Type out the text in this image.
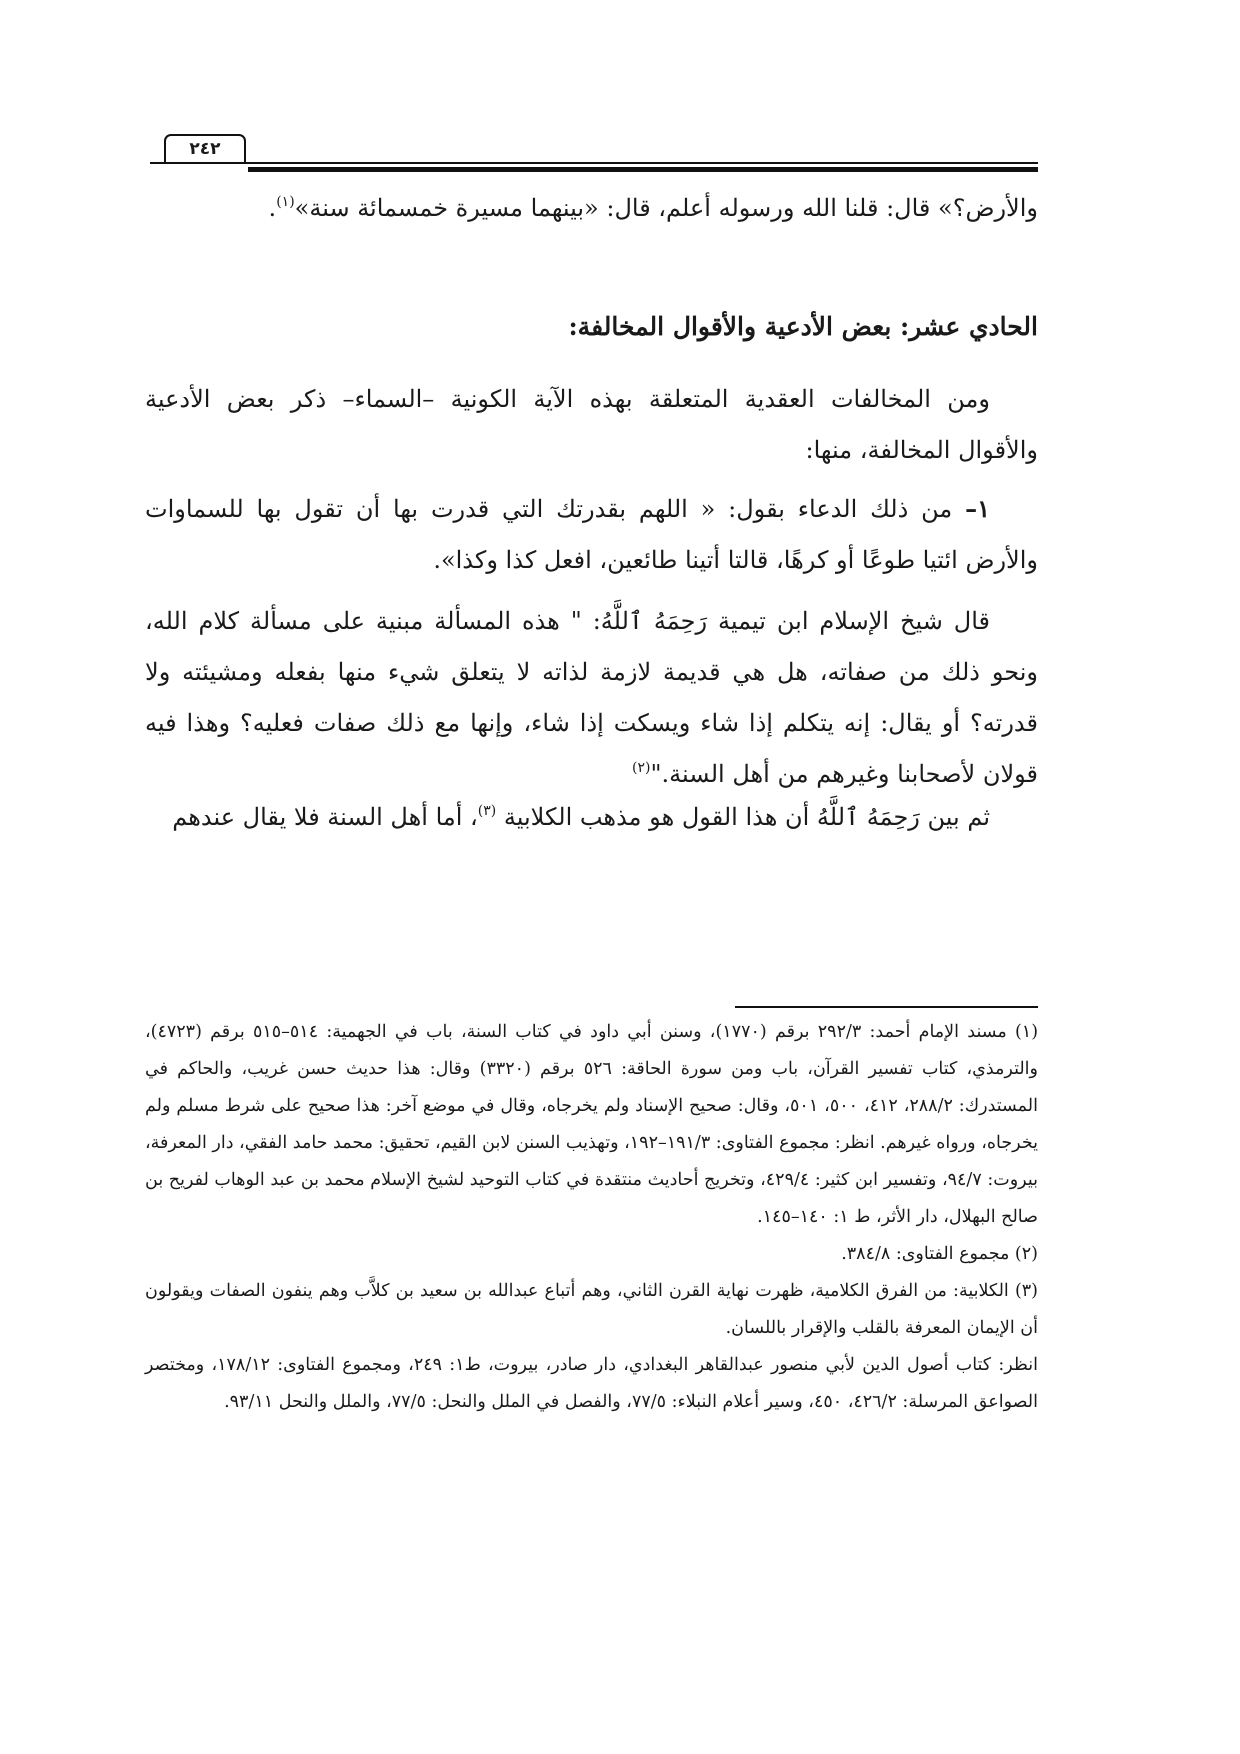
٢٤٢

والأرض؟» قال: قلنا الله ورسوله أعلم، قال: «بينهما مسيرة خمسمائة سنة»$^{(١)}$.

الحادي عشر: بعض الأدعية والأقوال المخالفة:

ومن المخالفات العقدية المتعلقة بهذه الآية الكونية –السماء– ذكر بعض الأدعية والأقوال المخالفة، منها:

١– من ذلك الدعاء بقول: « اللهم بقدرتك التي قدرت بها أن تقول بها للسماوات والأرض ائتيا طوعًا أو كرهًا، قالتا أتينا طائعين، افعل كذا وكذا».

قال شيخ الإسلام ابن تيمية رَحِمَهُ ٱللَّهُ: " هذه المسألة مبنية على مسألة كلام الله، ونحو ذلك من صفاته، هل هي قديمة لازمة لذاته لا يتعلق شيء منها بفعله ومشيئته ولا قدرته؟ أو يقال: إنه يتكلم إذا شاء ويسكت إذا شاء، وإنها مع ذلك صفات فعليه؟ وهذا فيه قولان لأصحابنا وغيرهم من أهل السنة."$^{(٢)}$

ثم بين رَحِمَهُ ٱللَّهُ أن هذا القول هو مذهب الكلابية $^{(٣)}$، أما أهل السنة فلا يقال عندهم

(١) مسند الإمام أحمد: ٢٩٢/٣ برقم (١٧٧٠)، وسنن أبي داود في كتاب السنة، باب في الجهمية: ٥١٤–٥١٥ برقم (٤٧٢٣)، والترمذي، كتاب تفسير القرآن، باب ومن سورة الحاقة: ٥٢٦ برقم (٣٣٢٠) وقال: هذا حديث حسن غريب، والحاكم في المستدرك: ٢٨٨/٢، ٤١٢، ٥٠٠، ٥٠١، وقال: صحيح الإسناد ولم يخرجاه، وقال في موضع آخر: هذا صحيح على شرط مسلم ولم يخرجاه، ورواه غيرهم. انظر: مجموع الفتاوى: ١٩١/٣–١٩٢، وتهذيب السنن لابن القيم، تحقيق: محمد حامد الفقي، دار المعرفة، بيروت: ٩٤/٧، وتفسير ابن كثير: ٤٢٩/٤، وتخريج أحاديث منتقدة في كتاب التوحيد لشيخ الإسلام محمد بن عبد الوهاب لفريح بن صالح البهلال، دار الأثر، ط ١: ١٤٠–١٤٥.

(٢) مجموع الفتاوى: ٣٨٤/٨.

(٣) الكلابية: من الفرق الكلامية، ظهرت نهاية القرن الثاني، وهم أتباع عبدالله بن سعيد بن كلاَّب وهم ينفون الصفات ويقولون أن الإيمان المعرفة بالقلب والإقرار باللسان.

انظر: كتاب أصول الدين لأبي منصور عبدالقاهر البغدادي، دار صادر، بيروت، ط١: ٢٤٩، ومجموع الفتاوى: ١٧٨/١٢، ومختصر الصواعق المرسلة: ٤٢٦/٢، ٤٥٠، وسير أعلام النبلاء: ٧٧/٥، والفصل في الملل والنحل: ٧٧/٥، والملل والنحل ٩٣/١١.
